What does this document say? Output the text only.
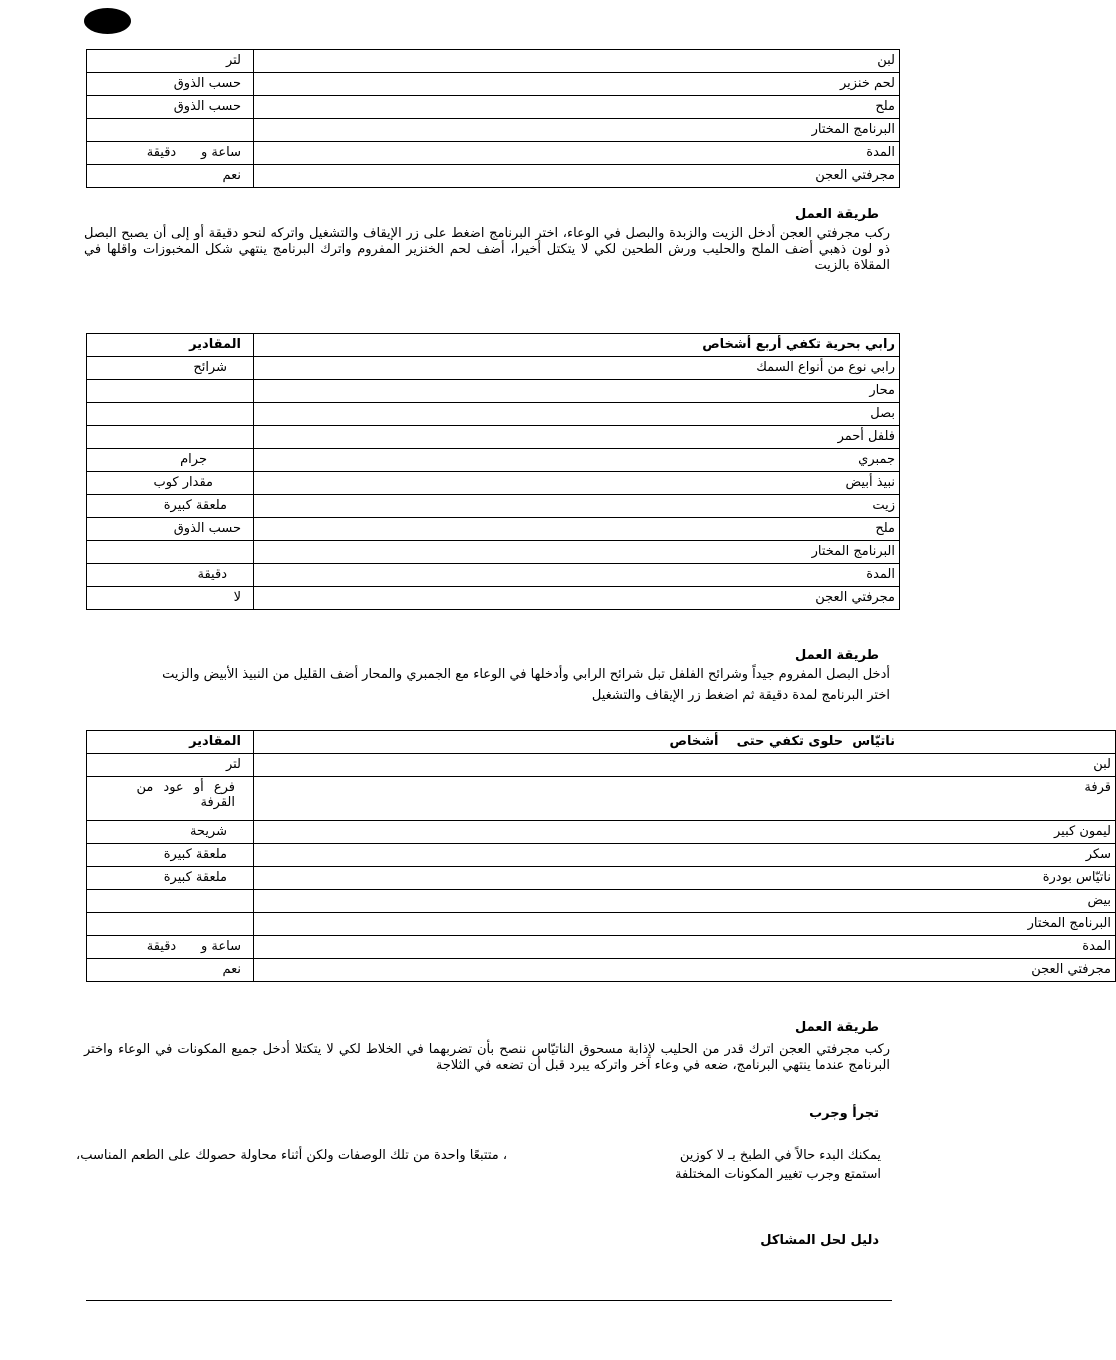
لبن	لتر
لحم خنزير	حسب الذوق
ملح	حسب الذوق
البرنامج المختار	
المدة	ساعة و      دقيقة
مجرفتي العجن	نعم
طريقة العمل
ركب مجرفتي العجن أدخل الزيت والزبدة والبصل في الوعاء، اختر البرنامج اضغط على زر الإيقاف والتشغيل واتركه لنحو دقيقة أو إلى أن يصبح البصل ذو لون ذهبي أضف الملح والحليب ورش الطحين لكي لا يتكتل أخيرا، أضف لحم الخنزير المفروم واترك البرنامج ينتهي شكل المخبوزات واقلها في المقلاة بالزيت
رابي بحرية تكفي أربع أشخاص	المقادير
رابي نوع من أنواع السمك	شرائح
محار	
بصل	
فلفل أحمر	
جمبري	جرام
نبيذ أبيض	مقدار كوب
زيت	ملعقة كبيرة
ملح	حسب الذوق
البرنامج المختار	
المدة	دقيقة
مجرفتي العجن	لا
طريقة العمل
أدخل البصل المفروم جيداً وشرائح الفلفل تبل شرائح الرابي وأدخلها في الوعاء مع الجمبري والمحار أضف القليل من النبيذ الأبيض والزيت
اختر البرنامج لمدة دقيقة ثم اضغط زر الإيقاف والتشغيل
ناتيّاس  حلوى تكفي حتى    أشخاص	المقادير
لبن	لتر
قرفة	فرع أو عود من القرفة
ليمون كبير	شريحة
سكر	ملعقة كبيرة
ناتيّاس بودرة	ملعقة كبيرة
بيض	
البرنامج المختار	
المدة	ساعة و      دقيقة
مجرفتي العجن	نعم
طريقة العمل
ركب مجرفتي العجن اترك قدر من الحليب لإذابة مسحوق الناتيّاس ننصح بأن تضربهما في الخلاط لكي لا يتكتلا أدخل جميع المكونات في الوعاء واختر البرنامج عندما ينتهي البرنامج، ضعه في وعاء آخر واتركه يبرد قبل أن تضعه في الثلاجة
تجرأ وجرب
يمكنك البدء حالاً في الطبخ بـ لا كوزين
، متتبعًا واحدة من تلك الوصفات ولكن أثناء محاولة حصولك على الطعم المناسب،
استمتع وجرب تغيير المكونات المختلفة
دليل لحل المشاكل
